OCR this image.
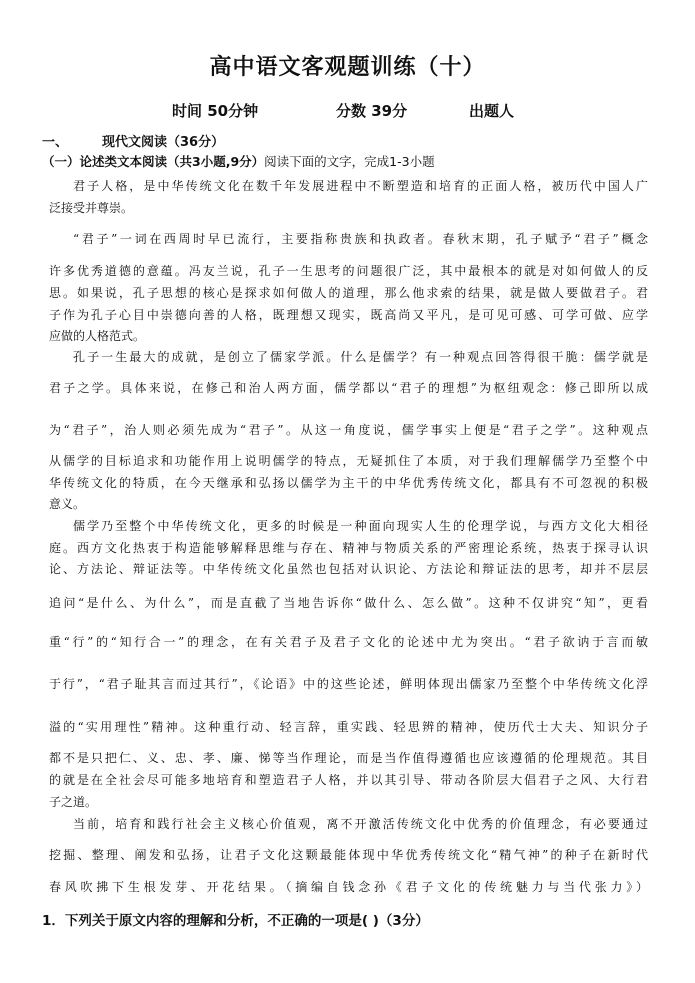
高中语文客观题训练（十）
时间 50分钟	分数 39分	出题人
一、	现代文阅读（36分）
（一）论述类文本阅读（共3小题,9分）阅读下面的文字，完成1-3小题
君子人格，是中华传统文化在数千年发展进程中不断塑造和培育的正面人格，被历代中国人广
泛接受并尊崇。
“君子”一词在西周时早已流行，主要指称贵族和执政者。春秋末期，孔子赋予“君子”概念
许多优秀道德的意蕴。冯友兰说，孔子一生思考的问题很广泛，其中最根本的就是对如何做人的反
思。如果说，孔子思想的核心是探求如何做人的道理，那么他求索的结果，就是做人要做君子。君
子作为孔子心目中崇德向善的人格，既理想又现实，既高尚又平凡，是可见可感、可学可做、应学
应做的人格范式。
孔子一生最大的成就，是创立了儒家学派。什么是儒学？有一种观点回答得很干脆：儒学就是
君子之学。具体来说，在修己和治人两方面，儒学都以“君子的理想”为枢纽观念：修己即所以成
为“君子”，治人则必须先成为“君子”。从这一角度说，儒学事实上便是“君子之学”。这种观点
从儒学的目标追求和功能作用上说明儒学的特点，无疑抓住了本质，对于我们理解儒学乃至整个中
华传统文化的特质，在今天继承和弘扬以儒学为主干的中华优秀传统文化，都具有不可忽视的积极
意义。
儒学乃至整个中华传统文化，更多的时候是一种面向现实人生的伦理学说，与西方文化大相径
庭。西方文化热衷于构造能够解释思维与存在、精神与物质关系的严密理论系统，热衷于探寻认识
论、方法论、辩证法等。中华传统文化虽然也包括对认识论、方法论和辩证法的思考，却并不层层
追问“是什么、为什么”，而是直截了当地告诉你“做什么、怎么做”。这种不仅讲究“知”，更看
重“行”的“知行合一”的理念，在有关君子及君子文化的论述中尤为突出。“君子欲讷于言而敏
于行”，“君子耻其言而过其行”，《论语》中的这些论述，鲜明体现出儒家乃至整个中华传统文化浮
溢的“实用理性”精神。这种重行动、轻言辞，重实践、轻思辨的精神，使历代士大夫、知识分子
都不是只把仁、义、忠、孝、廉、悌等当作理论，而是当作值得遵循也应该遵循的伦理规范。其目
的就是在全社会尽可能多地培育和塑造君子人格，并以其引导、带动各阶层大倡君子之风、大行君
子之道。
当前，培育和践行社会主义核心价值观，离不开激活传统文化中优秀的价值理念，有必要通过
挖掘、整理、阐发和弘扬，让君子文化这颗最能体现中华优秀传统文化“精气神”的种子在新时代
春风吹拂下生根发芽、开花结果。（摘编自钱念孙《君子文化的传统魅力与当代张力》）
1．下列关于原文内容的理解和分析，不正确的一项是( )（3分）
